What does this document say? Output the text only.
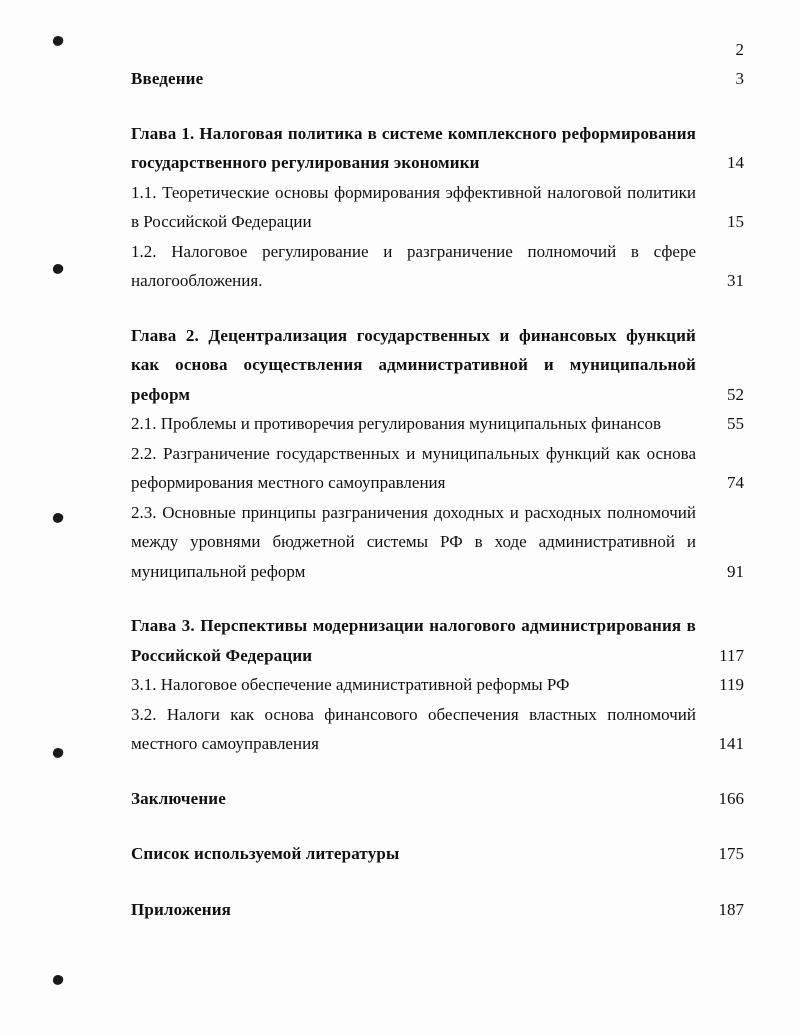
2
Введение	3
Глава 1. Налоговая политика в системе комплексного реформирования государственного регулирования экономики	14
1.1. Теоретические основы формирования эффективной налоговой политики в Российской Федерации	15
1.2. Налоговое регулирование и разграничение полномочий в сфере налогообложения.	31
Глава 2. Децентрализация государственных и финансовых функций как основа осуществления административной и муниципальной реформ	52
2.1. Проблемы и противоречия регулирования муниципальных финансов	55
2.2. Разграничение государственных и муниципальных функций как основа реформирования местного самоуправления	74
2.3. Основные принципы разграничения доходных и расходных полномочий между уровнями бюджетной системы РФ в ходе административной и муниципальной реформ	91
Глава 3. Перспективы модернизации налогового администрирования в Российской Федерации	117
3.1. Налоговое обеспечение административной реформы РФ	119
3.2. Налоги как основа финансового обеспечения властных полномочий местного самоуправления	141
Заключение	166
Список используемой литературы	175
Приложения	187
